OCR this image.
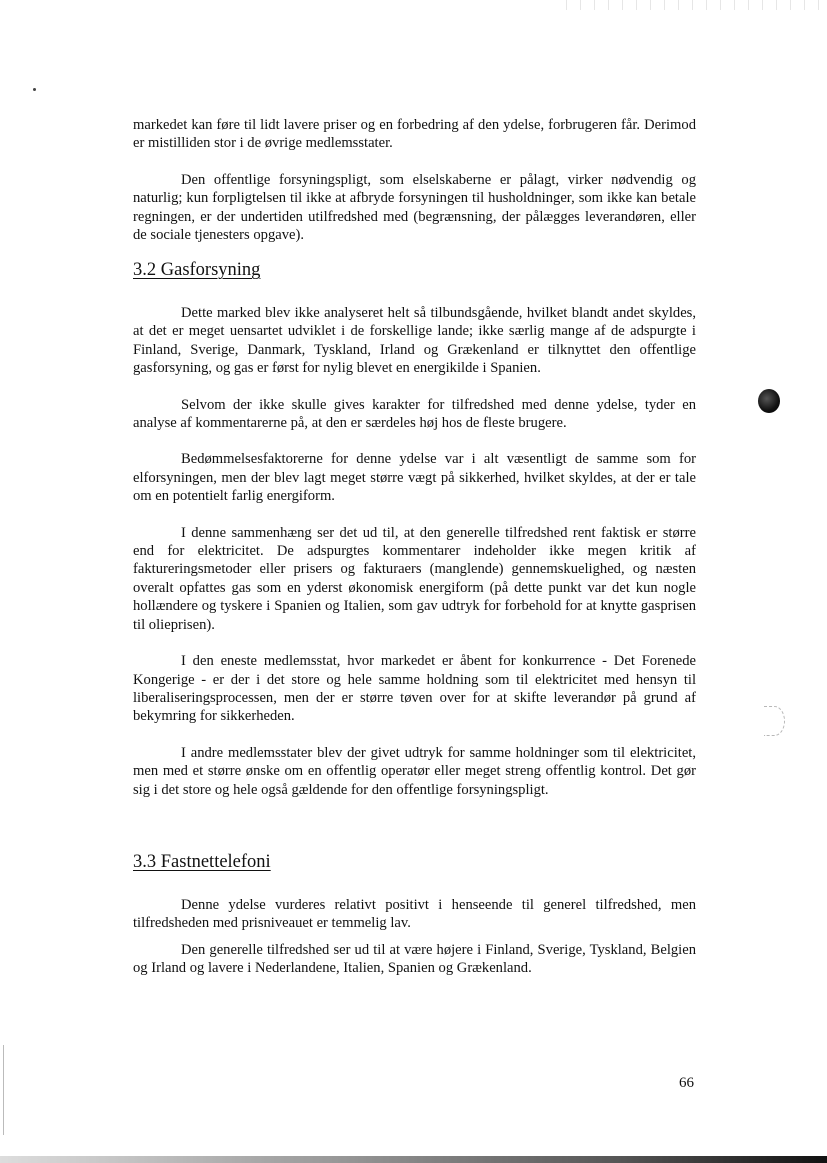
markedet kan føre til lidt lavere priser og en forbedring af den ydelse, forbrugeren får. Derimod er mistilliden stor i de øvrige medlemsstater.

Den offentlige forsyningspligt, som elselskaberne er pålagt, virker nødvendig og naturlig; kun forpligtelsen til ikke at afbryde forsyningen til husholdninger, som ikke kan betale regningen, er der undertiden utilfredshed med (begrænsning, der pålægges leverandøren, eller de sociale tjenesters opgave).

3.2 Gasforsyning

Dette marked blev ikke analyseret helt så tilbundsgående, hvilket blandt andet skyldes, at det er meget uensartet udviklet i de forskellige lande; ikke særlig mange af de adspurgte i Finland, Sverige, Danmark, Tyskland, Irland og Grækenland er tilknyttet den offentlige gasforsyning, og gas er først for nylig blevet en energikilde i Spanien.

Selvom der ikke skulle gives karakter for tilfredshed med denne ydelse, tyder en analyse af kommentarerne på, at den er særdeles høj hos de fleste brugere.

Bedømmelsesfaktorerne for denne ydelse var i alt væsentligt de samme som for elforsyningen, men der blev lagt meget større vægt på sikkerhed, hvilket skyldes, at der er tale om en potentielt farlig energiform.

I denne sammenhæng ser det ud til, at den generelle tilfredshed rent faktisk er større end for elektricitet. De adspurgtes kommentarer indeholder ikke megen kritik af faktureringsmetoder eller prisers og fakturaers (manglende) gennemskuelighed, og næsten overalt opfattes gas som en yderst økonomisk energiform (på dette punkt var det kun nogle hollændere og tyskere i Spanien og Italien, som gav udtryk for forbehold for at knytte gasprisen til olieprisen).

I den eneste medlemsstat, hvor markedet er åbent for konkurrence - Det Forenede Kongerige - er der i det store og hele samme holdning som til elektricitet med hensyn til liberaliseringsprocessen, men der er større tøven over for at skifte leverandør på grund af bekymring for sikkerheden.

I andre medlemsstater blev der givet udtryk for samme holdninger som til elektricitet, men med et større ønske om en offentlig operatør eller meget streng offentlig kontrol. Det gør sig i det store og hele også gældende for den offentlige forsyningspligt.

3.3 Fastnettelefoni

Denne ydelse vurderes relativt positivt i henseende til generel tilfredshed, men tilfredsheden med prisniveauet er temmelig lav.

Den generelle tilfredshed ser ud til at være højere i Finland, Sverige, Tyskland, Belgien og Irland og lavere i Nederlandene, Italien, Spanien og Grækenland.

66
